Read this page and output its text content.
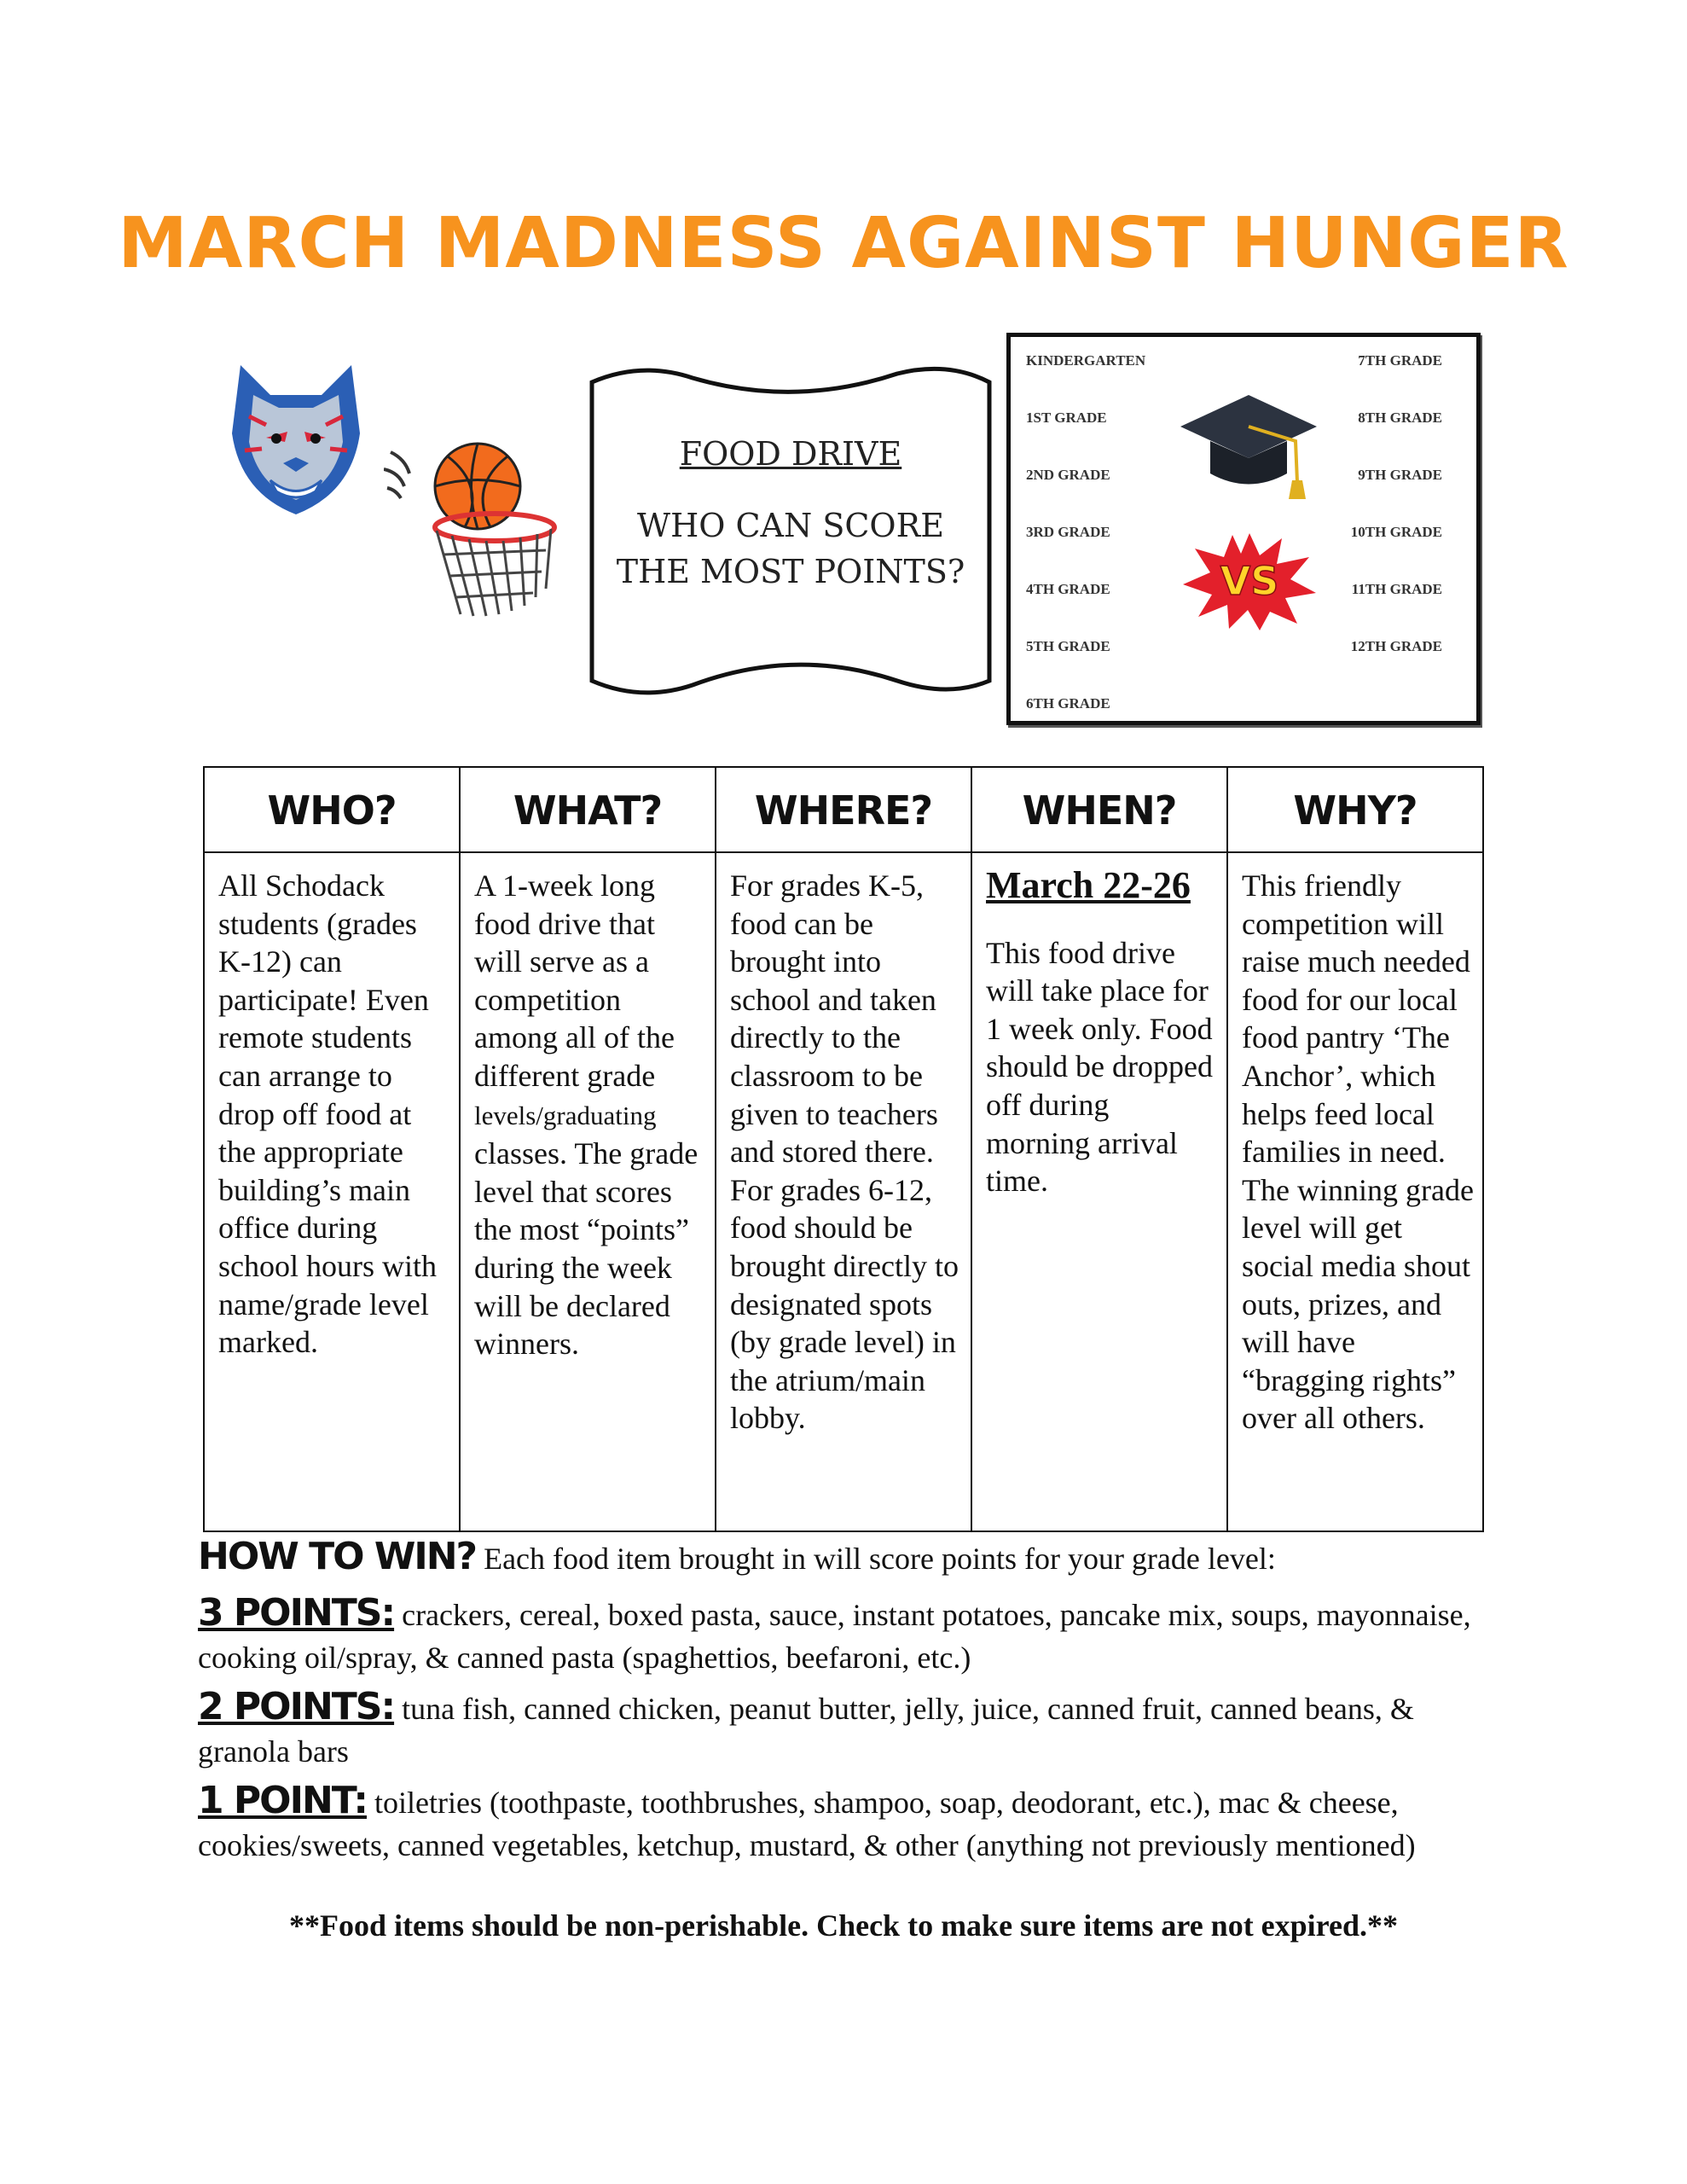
MARCH MADNESS AGAINST HUNGER
FOOD DRIVE
WHO CAN SCORE
THE MOST POINTS?
KINDERGARTEN
1ST GRADE
2ND GRADE
3RD GRADE
4TH GRADE
5TH GRADE
6TH GRADE
7TH GRADE
8TH GRADE
9TH GRADE
10TH GRADE
11TH GRADE
12TH GRADE
VS
WHO?
All Schodack students (grades K-12) can participate! Even remote students can arrange to drop off food at the appropriate building’s main office during school hours with name/grade level marked.
WHAT?
A 1-week long food drive that will serve as a competition among all of the different grade levels/graduating classes. The grade level that scores the most “points” during the week will be declared winners.
WHERE?
For grades K-5, food can be brought into school and taken directly to the classroom to be given to teachers and stored there. For grades 6-12, food should be brought directly to designated spots (by grade level) in the atrium/main lobby.
WHEN?
March 22-26
This food drive will take place for 1 week only. Food should be dropped off during morning arrival time.
WHY?
This friendly competition will raise much needed food for our local food pantry ‘The Anchor’, which helps feed local families in need. The winning grade level will get social media shout outs, prizes, and will have “bragging rights” over all others.
HOW TO WIN? Each food item brought in will score points for your grade level:
3 POINTS: crackers, cereal, boxed pasta, sauce, instant potatoes, pancake mix, soups, mayonnaise, cooking oil/spray, & canned pasta (spaghettios, beefaroni, etc.)
2 POINTS: tuna fish, canned chicken, peanut butter, jelly, juice, canned fruit, canned beans, & granola bars
1 POINT: toiletries (toothpaste, toothbrushes, shampoo, soap, deodorant, etc.), mac & cheese, cookies/sweets, canned vegetables, ketchup, mustard, & other (anything not previously mentioned)
**Food items should be non-perishable. Check to make sure items are not expired.**
